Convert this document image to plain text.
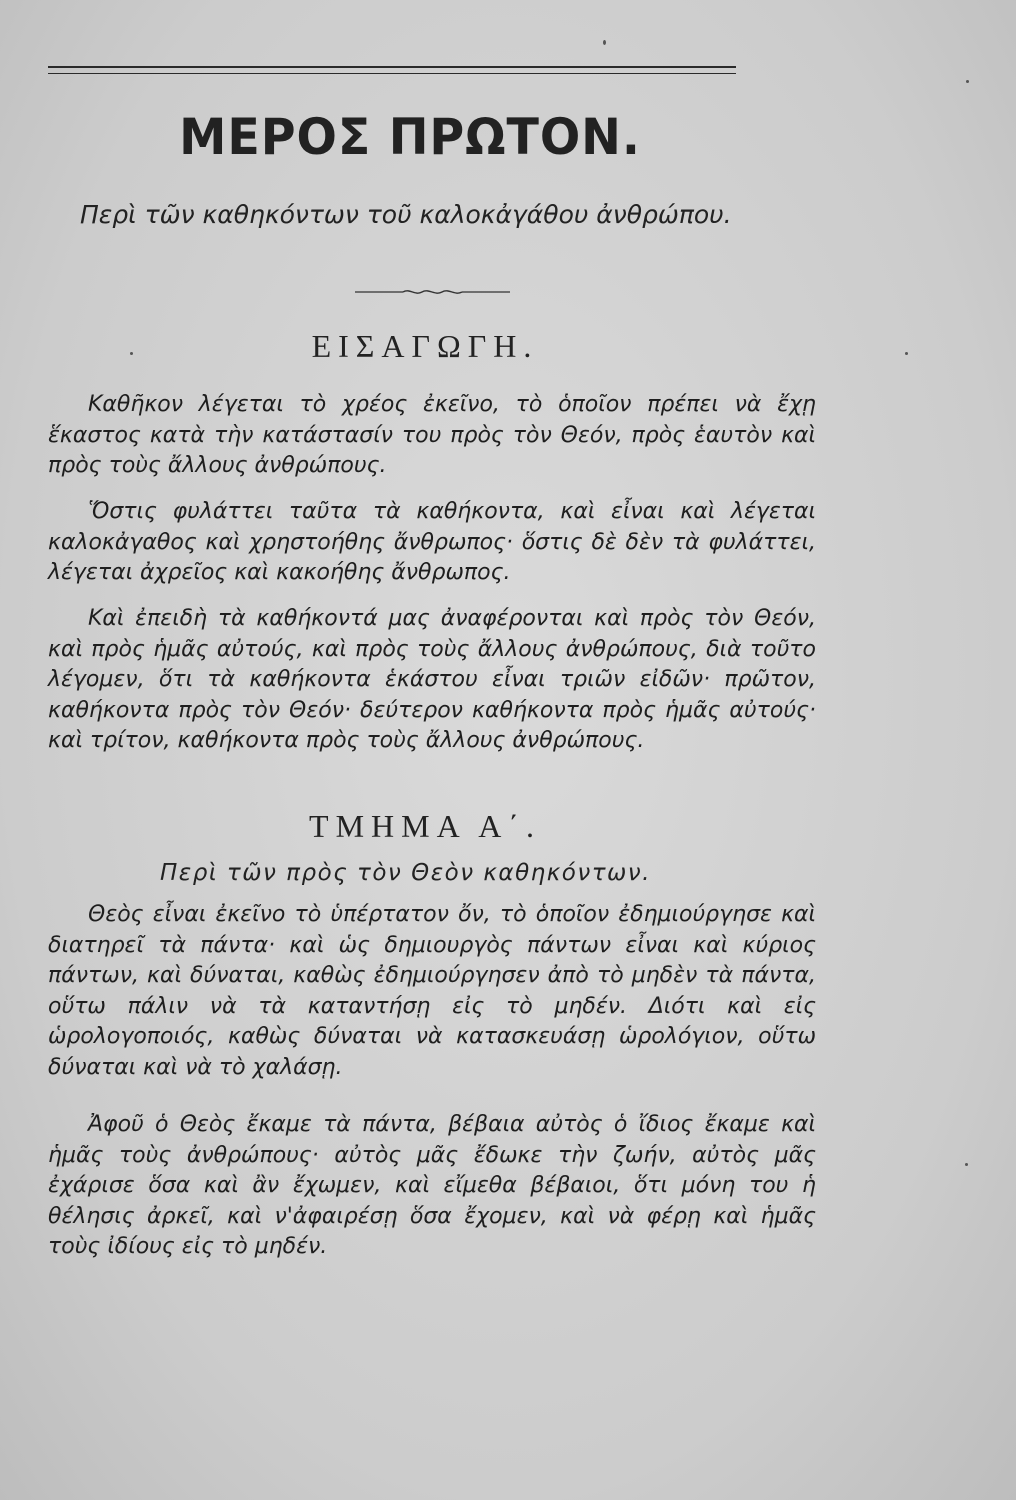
ΜΕΡΟΣ ΠΡΩΤΟΝ.
Περὶ τῶν καθηκόντων τοῦ καλοκἀγάθου ἀνθρώπου.
ΕΙΣΑΓΩΓΗ.
Καθῆκον λέγεται τὸ χρέος ἐκεῖνο, τὸ ὁποῖον πρέπει νὰ ἔχῃ ἕκαστος κατὰ τὴν κατάστασίν του πρὸς τὸν Θεόν, πρὸς ἑαυτὸν καὶ πρὸς τοὺς ἄλλους ἀνθρώπους.
Ὅστις φυλάττει ταῦτα τὰ καθήκοντα, καὶ εἶναι καὶ λέγεται καλοκἀγαθος καὶ χρηστοήθης ἄνθρωπος· ὅστις δὲ δὲν τὰ φυλάττει, λέγεται ἀχρεῖος καὶ κακοήθης ἄνθρωπος.
Καὶ ἐπειδὴ τὰ καθήκοντά μας ἀναφέρονται καὶ πρὸς τὸν Θεόν, καὶ πρὸς ἡμᾶς αὐτούς, καὶ πρὸς τοὺς ἄλλους ἀνθρώπους, διὰ τοῦτο λέγομεν, ὅτι τὰ καθήκοντα ἑκάστου εἶναι τριῶν εἰδῶν· πρῶτον, καθήκοντα πρὸς τὸν Θεόν· δεύτερον καθήκοντα πρὸς ἡμᾶς αὐτούς· καὶ τρίτον, καθήκοντα πρὸς τοὺς ἄλλους ἀνθρώπους.
ΤΜΗΜΑ Α΄.
Περὶ τῶν πρὸς τὸν Θεὸν καθηκόντων.
Θεὸς εἶναι ἐκεῖνο τὸ ὑπέρτατον ὄν, τὸ ὁποῖον ἐδημιούργησε καὶ διατηρεῖ τὰ πάντα· καὶ ὡς δημιουργὸς πάντων εἶναι καὶ κύριος πάντων, καὶ δύναται, καθὼς ἐδημιούργησεν ἀπὸ τὸ μηδὲν τὰ πάντα, οὕτω πάλιν νὰ τὰ καταντήσῃ εἰς τὸ μηδέν. Διότι καὶ εἰς ὡρολογοποιός, καθὼς δύναται νὰ κατασκευάσῃ ὡρολόγιον, οὕτω δύναται καὶ νὰ τὸ χαλάσῃ.
Ἀφοῦ ὁ Θεὸς ἔκαμε τὰ πάντα, βέβαια αὐτὸς ὁ ἴδιος ἔκαμε καὶ ἡμᾶς τοὺς ἀνθρώπους· αὐτὸς μᾶς ἔδωκε τὴν ζωήν, αὐτὸς μᾶς ἐχάρισε ὅσα καὶ ἂν ἔχωμεν, καὶ εἴμεθα βέβαιοι, ὅτι μόνη του ἡ θέλησις ἀρκεῖ, καὶ ν'ἀφαιρέσῃ ὅσα ἔχομεν, καὶ νὰ φέρῃ καὶ ἡμᾶς τοὺς ἰδίους εἰς τὸ μηδέν.
